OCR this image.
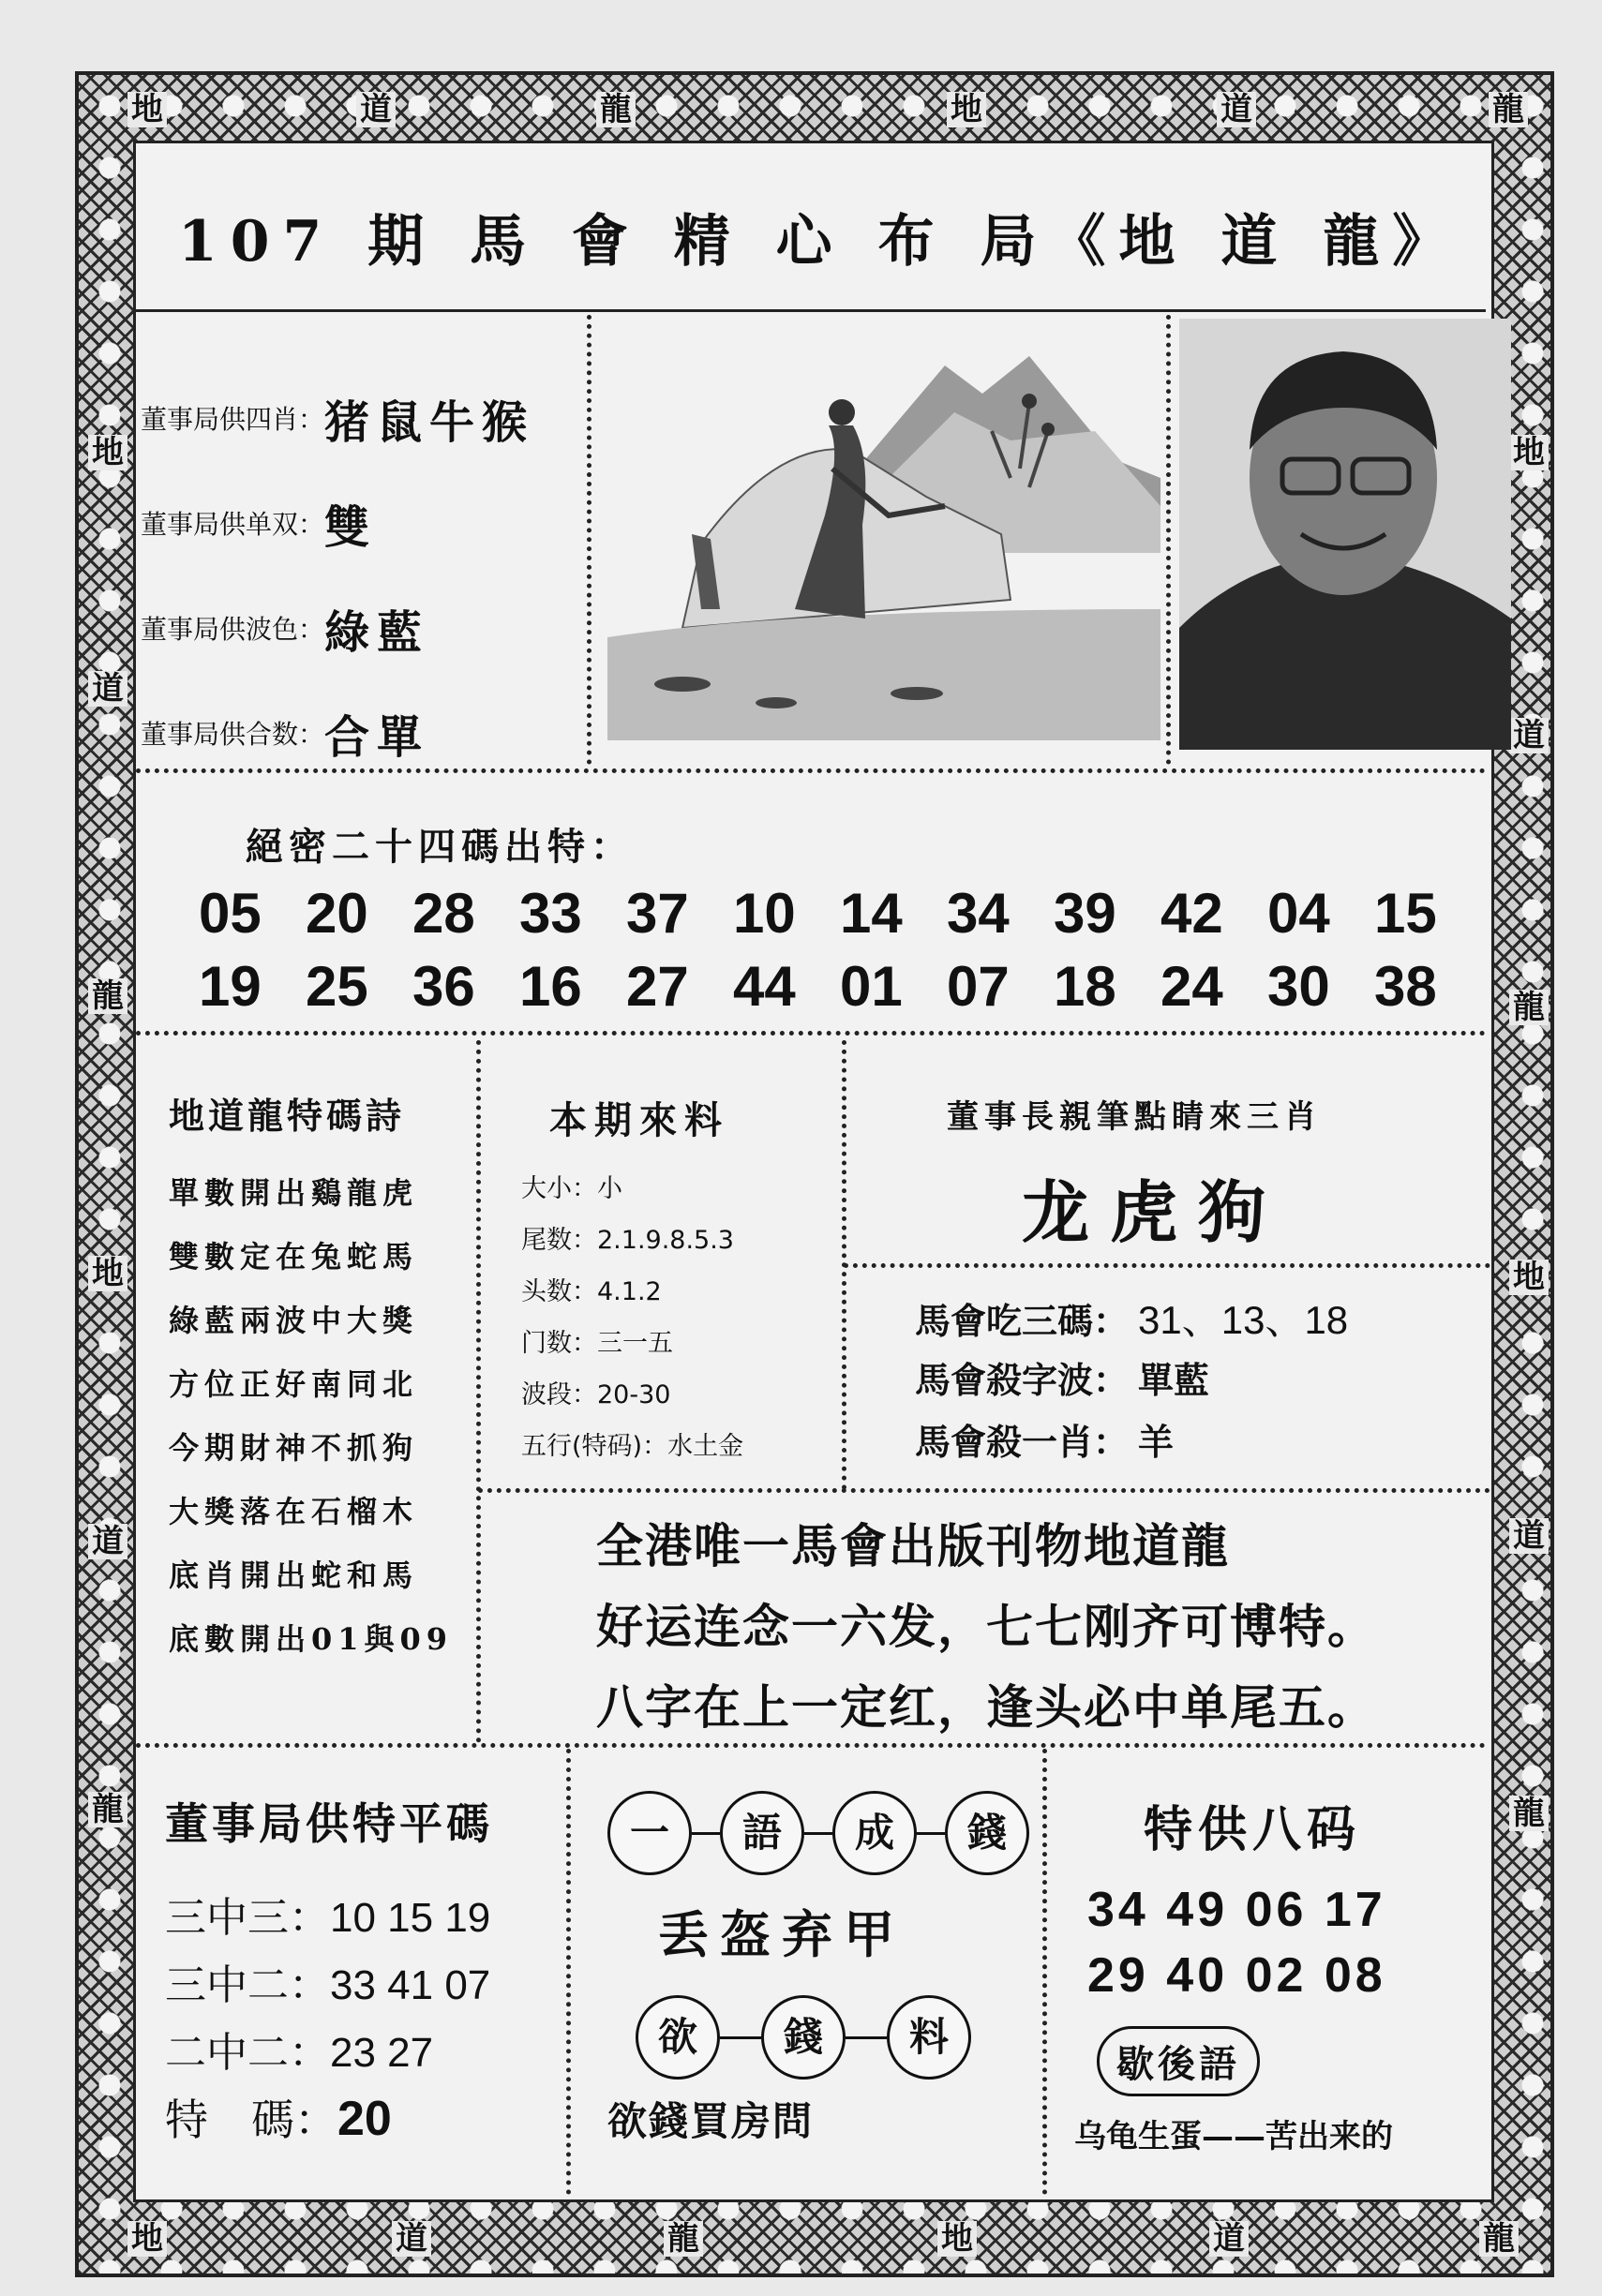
地	道	龍	地	道	龍
地
道
龍
地
道
龍
地
道
龍
地
道
龍
地	道	龍	地	道	龍
107 期 馬 會 精 心 布 局《地 道 龍》
董事局供四肖： 猪鼠牛猴
董事局供单双： 雙
董事局供波色： 綠藍
董事局供合数： 合單
絕密二十四碼出特：
05 20 28 33 37 10 14 34 39 42 04 15
19 25 36 16 27 44 01 07 18 24 30 38
地道龍特碼詩
單數開出鷄龍虎
雙數定在兔蛇馬
綠藍兩波中大獎
方位正好南同北
今期財神不抓狗
大獎落在石榴木
底肖開出蛇和馬
底數開出01與09
本期來料
大小：小
尾数：2.1.9.8.5.3
头数：4.1.2
门数：三一五
波段：20-30
五行(特码)：水土金
董事長親筆點睛來三肖
龙虎狗
馬會吃三碼： 31、13、18
馬會殺字波： 單藍
馬會殺一肖： 羊
全港唯一馬會出版刊物地道龍
好运连念一六发，七七刚齐可博特。
八字在上一定红，逢头必中单尾五。
董事局供特平碼
三中三：10 15 19
三中二：33 41 07
二中二：23 27
特　碼：20
一	語	成	錢
丢盔弃甲
欲	錢	料
欲錢買房問
特供八码
34 49 06 17
29 40 02 08
歇後語
乌龟生蛋——苦出来的
